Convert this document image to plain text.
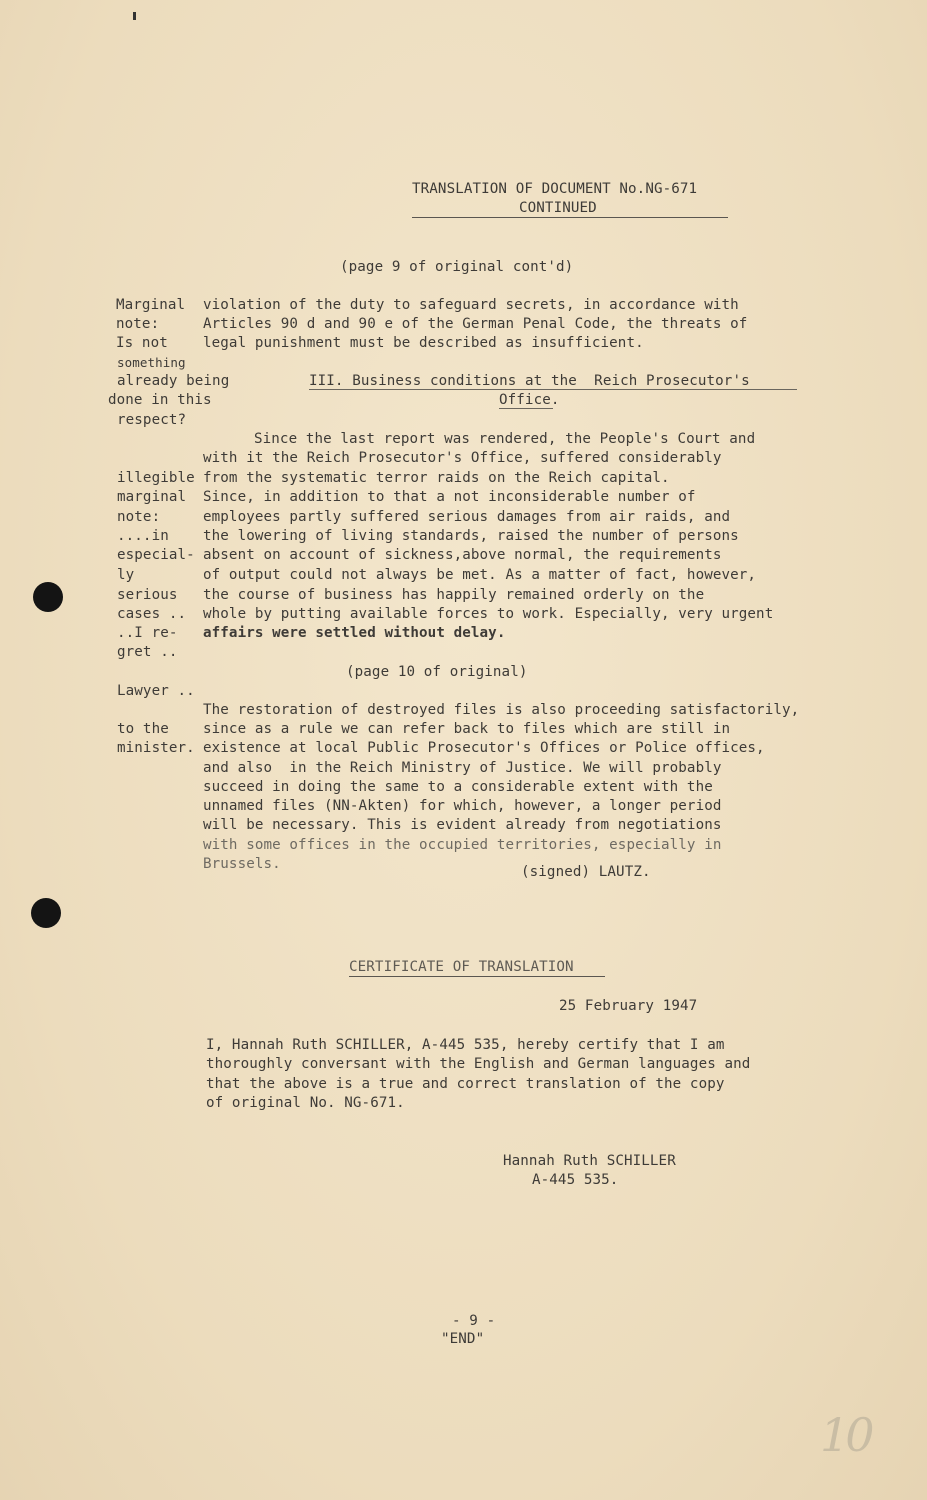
TRANSLATION OF DOCUMENT No.NG-671
CONTINUED
(page 9 of original cont'd)
Marginal
note:
Is not
something
already being
done in this
respect?
violation of the duty to safeguard secrets, in accordance with
Articles 90 d and 90 e of the German Penal Code, the threats of
legal punishment must be described as insufficient.
III. Business conditions at the  Reich Prosecutor's
Office.
illegible
marginal
note:
....in
especial-
ly
serious
cases ..
..I re-
gret ..
Lawyer ..
to the
minister.
Since the last report was rendered, the People's Court and
with it the Reich Prosecutor's Office, suffered considerably
from the systematic terror raids on the Reich capital.
Since, in addition to that a not inconsiderable number of
employees partly suffered serious damages from air raids, and
the lowering of living standards, raised the number of persons
absent on account of sickness,above normal, the requirements
of output could not always be met. As a matter of fact, however,
the course of business has happily remained orderly on the
whole by putting available forces to work. Especially, very urgent
affairs were settled without delay.
(page 10 of original)
The restoration of destroyed files is also proceeding satisfactorily,
since as a rule we can refer back to files which are still in
existence at local Public Prosecutor's Offices or Police offices,
and also  in the Reich Ministry of Justice. We will probably
succeed in doing the same to a considerable extent with the
unnamed files (NN-Akten) for which, however, a longer period
will be necessary. This is evident already from negotiations
with some offices in the occupied territories, especially in
Brussels.	(signed) LAUTZ.
CERTIFICATE OF TRANSLATION
25 February 1947
I, Hannah Ruth SCHILLER, A-445 535, hereby certify that I am
thoroughly conversant with the English and German languages and
that the above is a true and correct translation of the copy
of original No. NG-671.
Hannah Ruth SCHILLER
A-445 535.
- 9 -
"END"
10
